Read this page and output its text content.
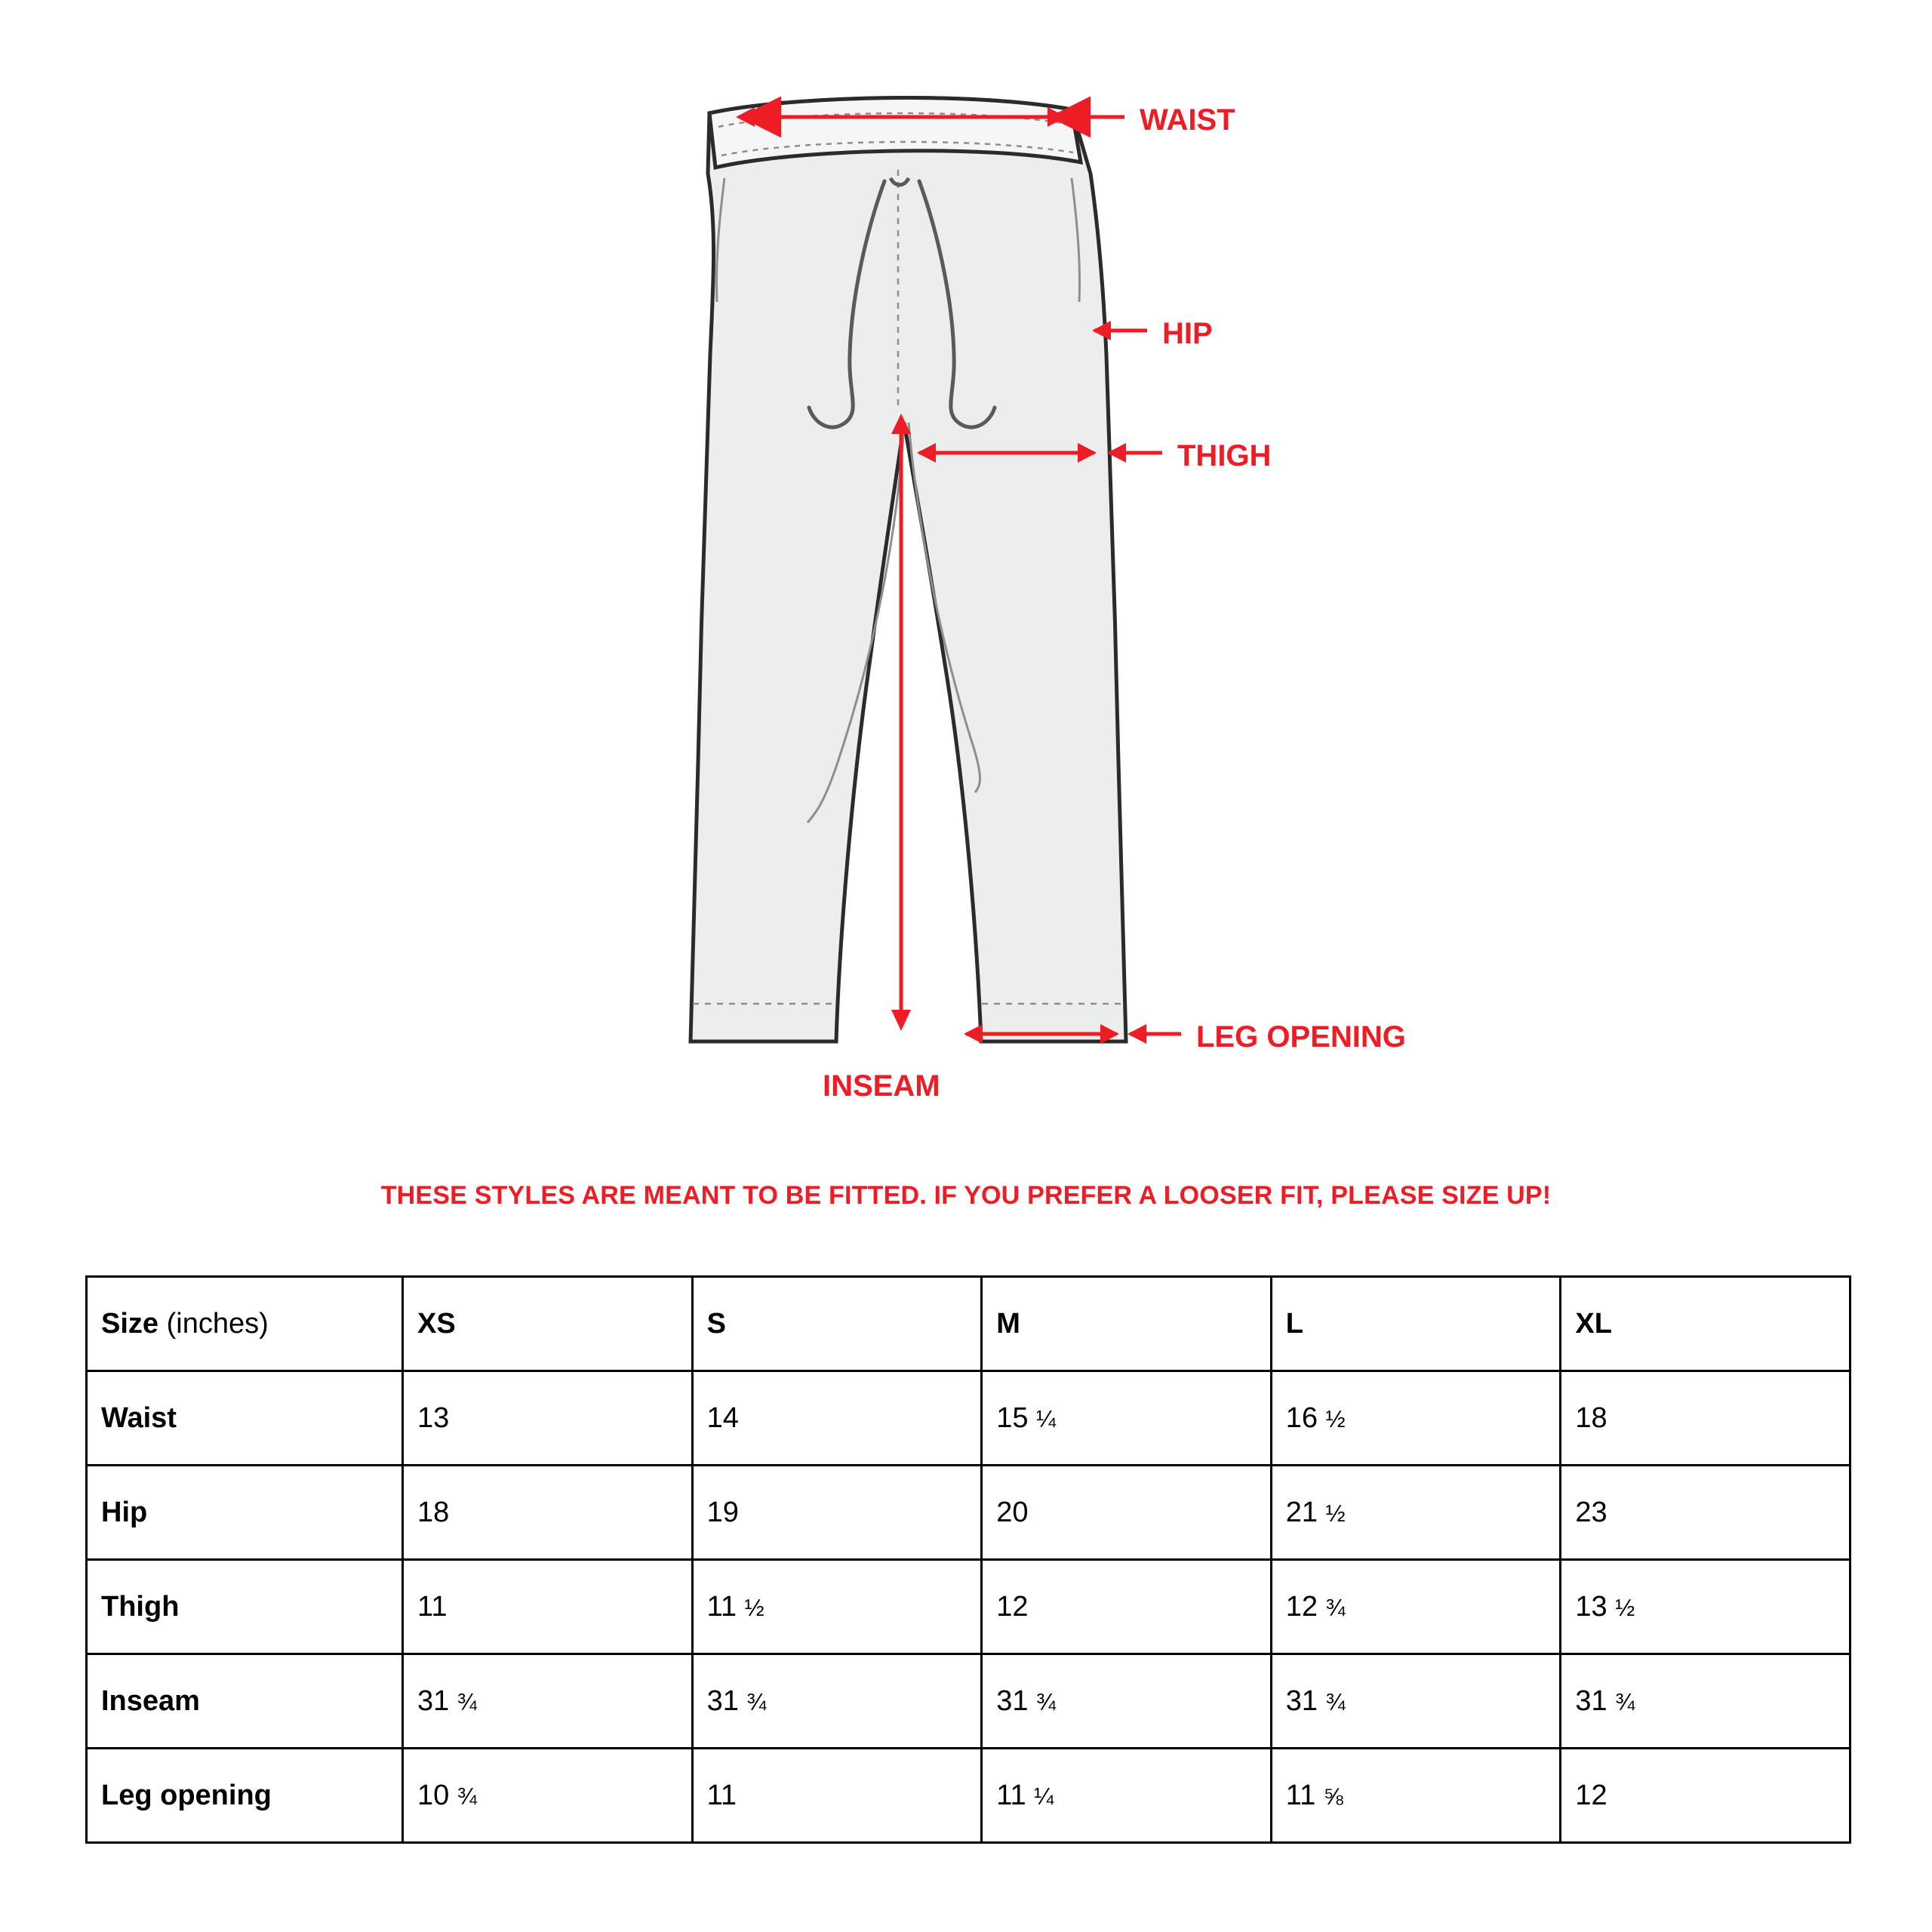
WAIST
HIP
THIGH
INSEAM
LEG OPENING
THESE STYLES ARE MEANT TO BE FITTED. IF YOU PREFER A LOOSER FIT, PLEASE SIZE UP!
Size (inches)	XS	S	M	L	XL
Waist	13	14	15 ¼	16 ½	18
Hip	18	19	20	21 ½	23
Thigh	11	11 ½	12	12 ¾	13 ½
Inseam	31 ¾	31 ¾	31 ¾	31 ¾	31 ¾
Leg opening	10 ¾	11	11 ¼	11 ⅝	12
